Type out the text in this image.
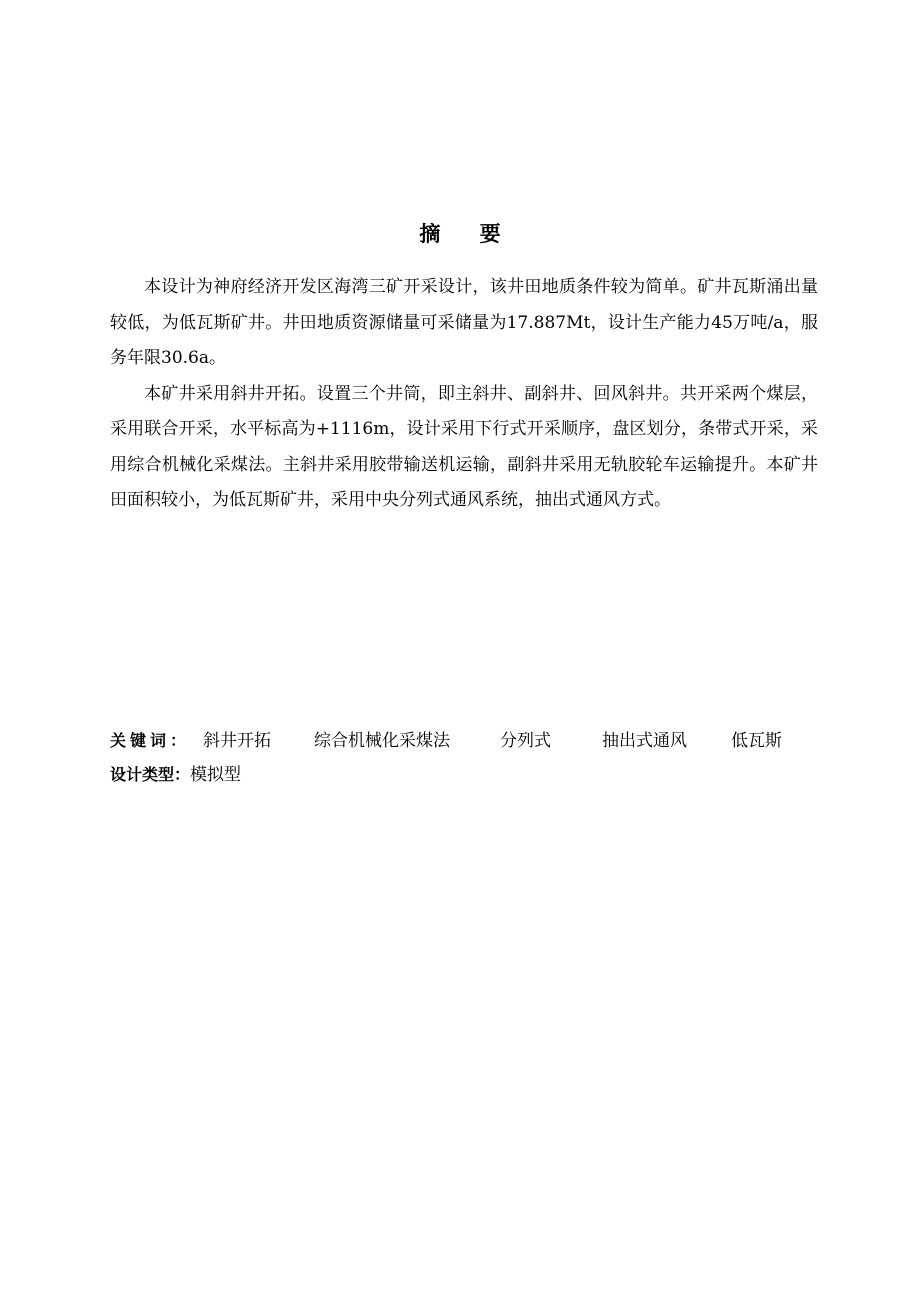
摘 要

本设计为神府经济开发区海湾三矿开采设计，该井田地质条件较为简单。矿井瓦斯涌出量较低，为低瓦斯矿井。井田地质资源储量可采储量为17.887Mt，设计生产能力45万吨/a，服务年限30.6a。

本矿井采用斜井开拓。设置三个井筒，即主斜井、副斜井、回风斜井。共开采两个煤层，采用联合开采，水平标高为+1116m，设计采用下行式开采顺序，盘区划分，条带式开采，采用综合机械化采煤法。主斜井采用胶带输送机运输，副斜井采用无轨胶轮车运输提升。本矿井田面积较小，为低瓦斯矿井，采用中央分列式通风系统，抽出式通风方式。

关键词： 斜井开拓	综合机械化采煤法	分列式	抽出式通风	低瓦斯
设计类型：模拟型
